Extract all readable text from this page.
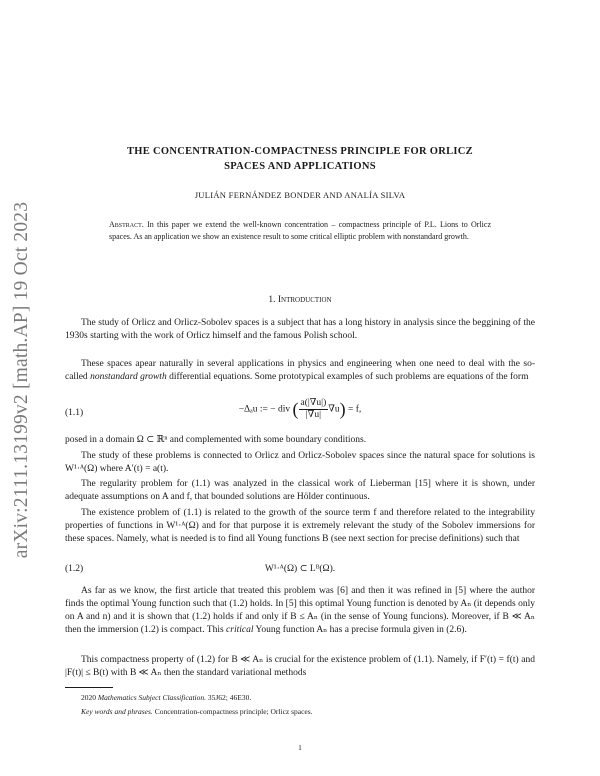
arXiv:2111.13199v2 [math.AP] 19 Oct 2023
THE CONCENTRATION-COMPACTNESS PRINCIPLE FOR ORLICZ
SPACES AND APPLICATIONS
JULIÁN FERNÁNDEZ BONDER AND ANALÍA SILVA
Abstract. In this paper we extend the well-known concentration – compactness principle of P.L. Lions to Orlicz spaces. As an application we show an existence result to some critical elliptic problem with nonstandard growth.
1. Introduction
The study of Orlicz and Orlicz-Sobolev spaces is a subject that has a long history in analysis since the beggining of the 1930s starting with the work of Orlicz himself and the famous Polish school.
These spaces apear naturally in several applications in physics and engineering when one need to deal with the so-called nonstandard growth differential equations. Some prototypical examples of such problems are equations of the form
(1.1)	−Δₐu := − div ( $\frac{a(|\nabla u|)}{|\nabla u|} \nabla u) = f$,
posed in a domain Ω ⊂ ℝⁿ and complemented with some boundary conditions.
The study of these problems is connected to Orlicz and Orlicz-Sobolev spaces since the natural space for solutions is W¹·ᴬ(Ω) where A′(t) = a(t).
The regularity problem for (1.1) was analyzed in the classical work of Lieberman [15] where it is shown, under adequate assumptions on A and f, that bounded solutions are Hölder continuous.
The existence problem of (1.1) is related to the growth of the source term f and therefore related to the integrability properties of functions in W¹·ᴬ(Ω) and for that purpose it is extremely relevant the study of the Sobolev immersions for these spaces. Namely, what is needed is to find all Young functions B (see next section for precise definitions) such that
(1.2)	W¹·ᴬ(Ω) ⊂ Lᴮ(Ω).
As far as we know, the first article that treated this problem was [6] and then it was refined in [5] where the author finds the optimal Young function such that (1.2) holds. In [5] this optimal Young function is denoted by Aₙ (it depends only on A and n) and it is shown that (1.2) holds if and only if B ≤ Aₙ (in the sense of Young funcions). Moreover, if B ≪ Aₙ then the immersion (1.2) is compact. This critical Young function Aₙ has a precise formula given in (2.6).
This compactness property of (1.2) for B ≪ Aₙ is crucial for the existence problem of (1.1). Namely, if F′(t) = f(t) and |F(t)| ≤ B(t) with B ≪ Aₙ then the standard variational methods
2020 Mathematics Subject Classification. 35J62; 46E30.
Key words and phrases. Concentration-compactness principle; Orlicz spaces.
1
